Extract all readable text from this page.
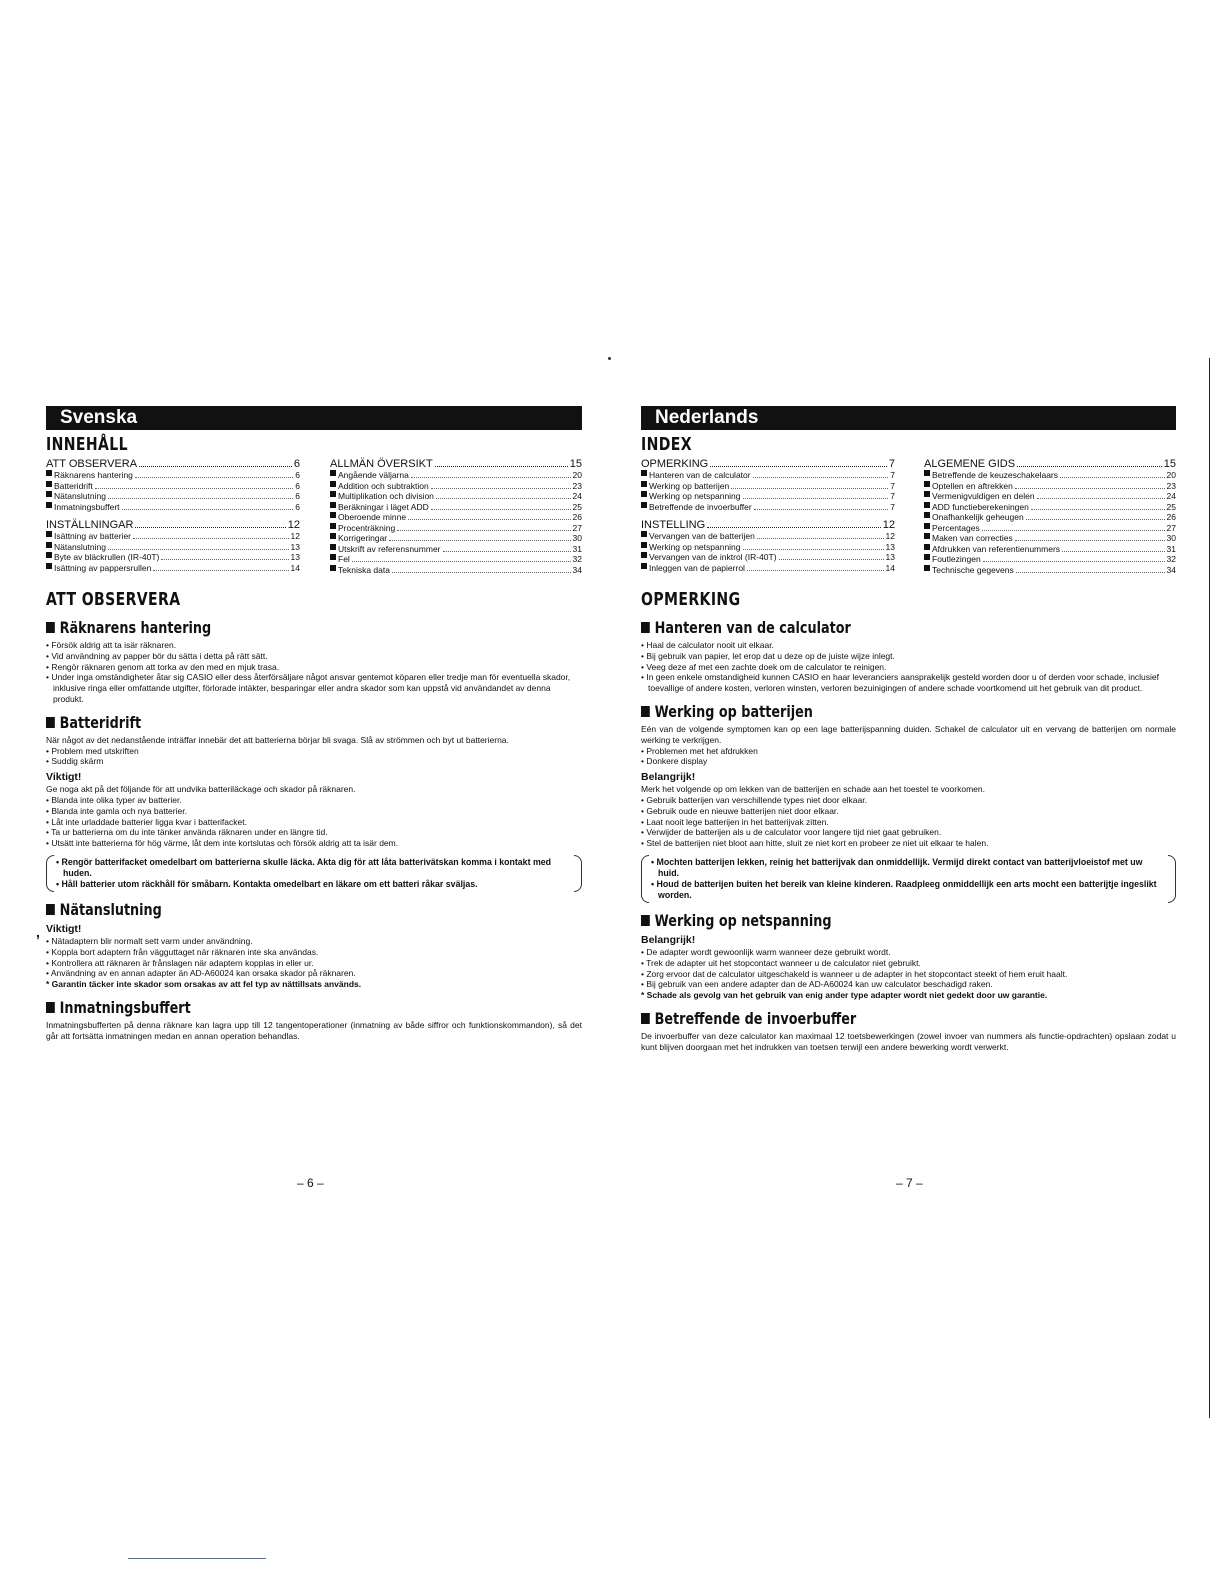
,
Svenska
INNEHÅLL
ATT OBSERVERA	6
Räknarens hantering	6
Batteridrift	6
Nätanslutning	6
Inmatningsbuffert	6
INSTÄLLNINGAR	12
Isättning av batterier	12
Nätanslutning	13
Byte av bläckrullen (IR-40T)	13
Isättning av pappersrullen	14
ALLMÄN ÖVERSIKT	15
Angående väljarna	20
Addition och subtraktion	23
Multiplikation och division	24
Beräkningar i läget ADD	25
Oberoende minne	26
Procenträkning	27
Korrigeringar	30
Utskrift av referensnummer	31
Fel	32
Tekniska data	34
ATT OBSERVERA
Räknarens hantering
• Försök aldrig att ta isär räknaren.
• Vid användning av papper bör du sätta i detta på rätt sätt.
• Rengör räknaren genom att torka av den med en mjuk trasa.
• Under inga omständigheter åtar sig CASIO eller dess återförsäljare något ansvar gentemot köparen eller tredje man för eventuella skador, inklusive ringa eller omfattande utgifter, förlorade intäkter, besparingar eller andra skador som kan uppstå vid användandet av denna produkt.
Batteridrift

När något av det nedanstående inträffar innebär det att batterierna börjar bli svaga. Slå av strömmen och byt ut batterierna.

• Problem med utskriften
• Suddig skärm
Viktigt!

Ge noga akt på det följande för att undvika batteriläckage och skador på räknaren.

• Blanda inte olika typer av batterier.
• Blanda inte gamla och nya batterier.
• Låt inte urladdade batterier ligga kvar i batterifacket.
• Ta ur batterierna om du inte tänker använda räknaren under en längre tid.
• Utsätt inte batterierna för hög värme, låt dem inte kortslutas och försök aldrig att ta isär dem.
• Rengör batterifacket omedelbart om batterierna skulle läcka. Akta dig för att låta batterivätskan komma i kontakt med huden.
• Håll batterier utom räckhåll för småbarn. Kontakta omedelbart en läkare om ett batteri råkar sväljas.
Nätanslutning
Viktigt!
• Nätadaptern blir normalt sett varm under användning.
• Koppla bort adaptern från vägguttaget när räknaren inte ska användas.
• Kontrollera att räknaren är frånslagen när adaptern kopplas in eller ur.
• Användning av en annan adapter än AD-A60024 kan orsaka skador på räknaren.
* Garantin täcker inte skador som orsakas av att fel typ av nättillsats används.
Inmatningsbuffert

Inmatningsbufferten på denna räknare kan lagra upp till 12 tangentoperationer (inmatning av både siffror och funktionskommandon), så det går att fortsätta inmatningen medan en annan operation behandlas.

– 6 –
Nederlands
INDEX
OPMERKING	7
Hanteren van de calculator	7
Werking op batterijen	7
Werking op netspanning	7
Betreffende de invoerbuffer	7
INSTELLING	12
Vervangen van de batterijen	12
Werking op netspanning	13
Vervangen van de inktrol (IR-40T)	13
Inleggen van de papierrol	14
ALGEMENE GIDS	15
Betreffende de keuzeschakelaars	20
Optellen en aftrekken	23
Vermenigvuldigen en delen	24
ADD functieberekeningen	25
Onafhankelijk geheugen	26
Percentages	27
Maken van correcties	30
Afdrukken van referentienummers	31
Foutlezingen	32
Technische gegevens	34
OPMERKING
Hanteren van de calculator
• Haal de calculator nooit uit elkaar.
• Bij gebruik van papier, let erop dat u deze op de juiste wijze inlegt.
• Veeg deze af met een zachte doek om de calculator te reinigen.
• In geen enkele omstandigheid kunnen CASIO en haar leveranciers aansprakelijk gesteld worden door u of derden voor schade, inclusief toevallige of andere kosten, verloren winsten, verloren bezuinigingen of andere schade voortkomend uit het gebruik van dit product.
Werking op batterijen

Eén van de volgende symptomen kan op een lage batterijspanning duiden. Schakel de calculator uit en vervang de batterijen om normale werking te verkrijgen.

• Problemen met het afdrukken
• Donkere display
Belangrijk!

Merk het volgende op om lekken van de batterijen en schade aan het toestel te voorkomen.

• Gebruik batterijen van verschillende types niet door elkaar.
• Gebruik oude en nieuwe batterijen niet door elkaar.
• Laat nooit lege batterijen in het batterijvak zitten.
• Verwijder de batterijen als u de calculator voor langere tijd niet gaat gebruiken.
• Stel de batterijen niet bloot aan hitte, sluit ze niet kort en probeer ze niet uit elkaar te halen.
• Mochten batterijen lekken, reinig het batterijvak dan onmiddellijk. Vermijd direkt contact van batterijvloeistof met uw huid.
• Houd de batterijen buiten het bereik van kleine kinderen. Raadpleeg onmiddellijk een arts mocht een batterijtje ingeslikt worden.
Werking op netspanning
Belangrijk!
• De adapter wordt gewoonlijk warm wanneer deze gebruikt wordt.
• Trek de adapter uit het stopcontact wanneer u de calculator niet gebruikt.
• Zorg ervoor dat de calculator uitgeschakeld is wanneer u de adapter in het stopcontact steekt of hem eruit haalt.
• Bij gebruik van een andere adapter dan de AD-A60024 kan uw calculator beschadigd raken.
* Schade als gevolg van het gebruik van enig ander type adapter wordt niet gedekt door uw garantie.
Betreffende de invoerbuffer

De invoerbuffer van deze calculator kan maximaal 12 toetsbewerkingen (zowel invoer van nummers als functie-opdrachten) opslaan zodat u kunt blijven doorgaan met het indrukken van toetsen terwijl een andere bewerking wordt verwerkt.

– 7 –
